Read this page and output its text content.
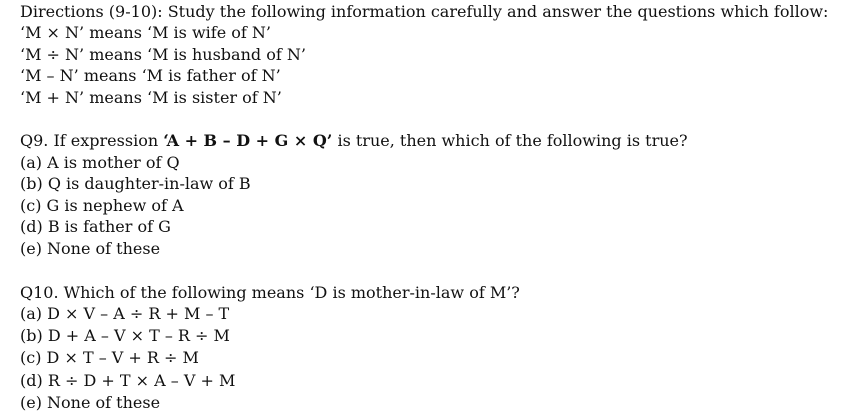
Directions (9-10): Study the following information carefully and answer the questions which follow:
‘M × N’ means ‘M is wife of N’
‘M ÷ N’ means ‘M is husband of N’
‘M – N’ means ‘M is father of N’
‘M + N’ means ‘M is sister of N’
Q9. If expression ‘A + B – D + G × Q’ is true, then which of the following is true?
(a) A is mother of Q
(b) Q is daughter-in-law of B
(c) G is nephew of A
(d) B is father of G
(e) None of these
Q10. Which of the following means ‘D is mother-in-law of M’?
(a) D × V – A ÷ R + M – T
(b) D + A – V × T – R ÷ M
(c) D × T – V + R ÷ M
(d) R ÷ D + T × A – V + M
(e) None of these
